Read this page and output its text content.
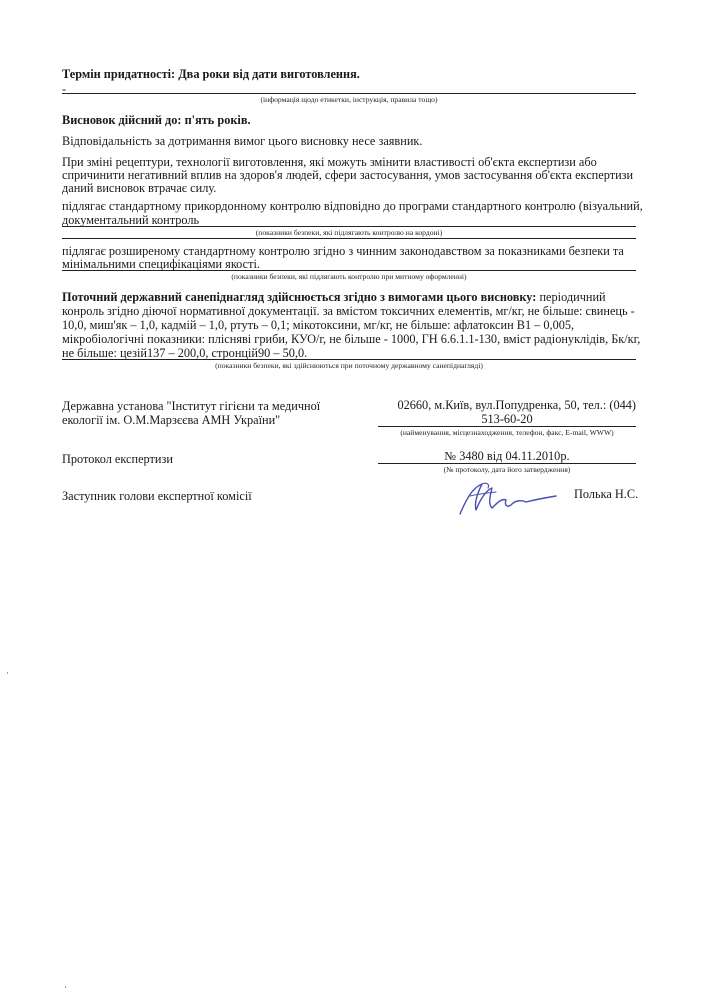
Термін придатності: Два роки від дати виготовлення.
-
(інформація щодо етикетки, інструкція, правила тощо)
Висновок дійсний до: п'ять років.
Відповідальність за дотримання вимог цього висновку несе заявник.
При зміні рецептури, технології виготовлення, які можуть змінити властивості об'єкта експертизи або
спричинити негативний вплив на здоров'я людей, сфери застосування, умов застосування об'єкта експертизи
даний висновок втрачає силу.
підлягає стандартному прикордонному контролю відповідно до програми стандартного контролю (візуальний,
документальний контроль
(показники безпеки, які підлягають контролю на кордоні)
підлягає розширеному стандартному контролю згідно з чинним законодавством за показниками безпеки та
мінімальними специфікаціями якості.
(показники безпеки, які підлягають контролю при митному оформленні)
Поточний державний санепіднагляд здійснюється згідно з вимогами цього висновку: періодичний
конроль згідно діючої нормативної документації. за вмістом токсичних елементів, мг/кг, не більше: свинець -
10,0, миш'як – 1,0, кадмій – 1,0, ртуть – 0,1; мікотоксини, мг/кг, не більше: афлатоксин В1 – 0,005,
мікробіологічні показники: плісняві гриби, КУО/г, не більше - 1000, ГН 6.6.1.1-130, вміст радіонуклідів, Бк/кг,
не більше: цезій137 – 200,0, стронцій90 – 50,0.
(показники безпеки, які здійснюються при поточному державному санепіднагляді)
Державна установа "Інститут гігієни та медичної
екології ім. О.М.Марзєєва АМН України"
02660, м.Київ, вул.Попудренка, 50, тел.: (044)
513-60-20
(найменування, місцезнаходження, телефон, факс, E-mail, WWW)
Протокол експертизи	№ 3480 від 04.11.2010р.
(№ протоколу, дата його затвердження)
Заступник голови експертної комісії	Полька Н.С.
·
·
